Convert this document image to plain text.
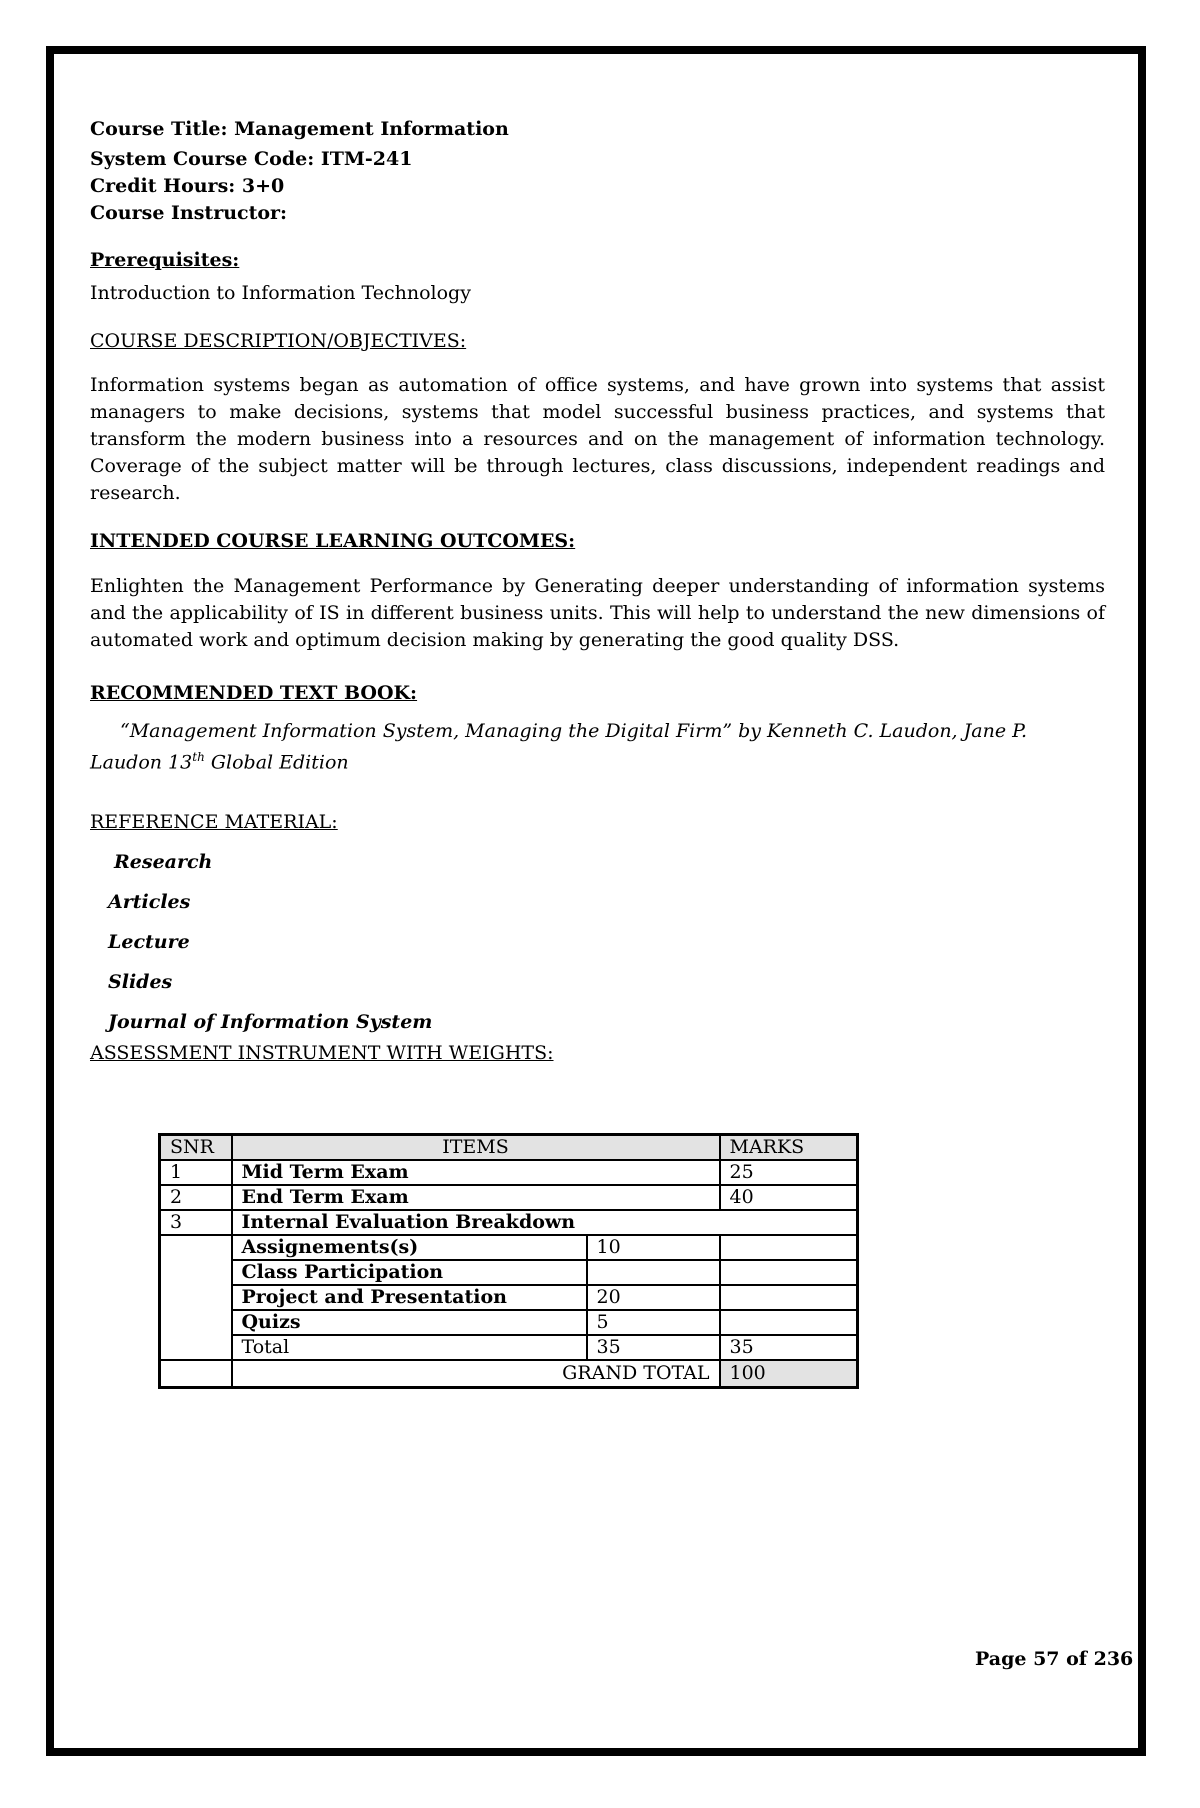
Course Title: Management Information
System Course Code: ITM-241
Credit Hours: 3+0
Course Instructor:
Prerequisites:
Introduction to Information Technology
COURSE DESCRIPTION/OBJECTIVES:
Information systems began as automation of office systems, and have grown into systems that assist managers to make decisions, systems that model successful business practices, and systems that transform the modern business into a resources and on the management of information technology. Coverage of the subject matter will be through lectures, class discussions, independent readings and research.
INTENDED COURSE LEARNING OUTCOMES:
Enlighten the Management Performance by Generating deeper understanding of information systems and the applicability of IS in different business units. This will help to understand the new dimensions of automated work and optimum decision making by generating the good quality DSS.
RECOMMENDED TEXT BOOK:
“Management Information System, Managing the Digital Firm” by Kenneth C. Laudon, Jane P.
Laudon 13th Global Edition
REFERENCE MATERIAL:
Research
Articles
Lecture
Slides
Journal of Information System
ASSESSMENT INSTRUMENT WITH WEIGHTS:
SNR	ITEMS		MARKS
1	Mid Term Exam		25
2	End Term Exam		40
3	Internal Evaluation Breakdown		
	Assignements(s)	10	
	Class Participation		
	Project and Presentation	20	
	Quizs	5	
	Total	35	35
	GRAND TOTAL		100
Page 57 of 236
